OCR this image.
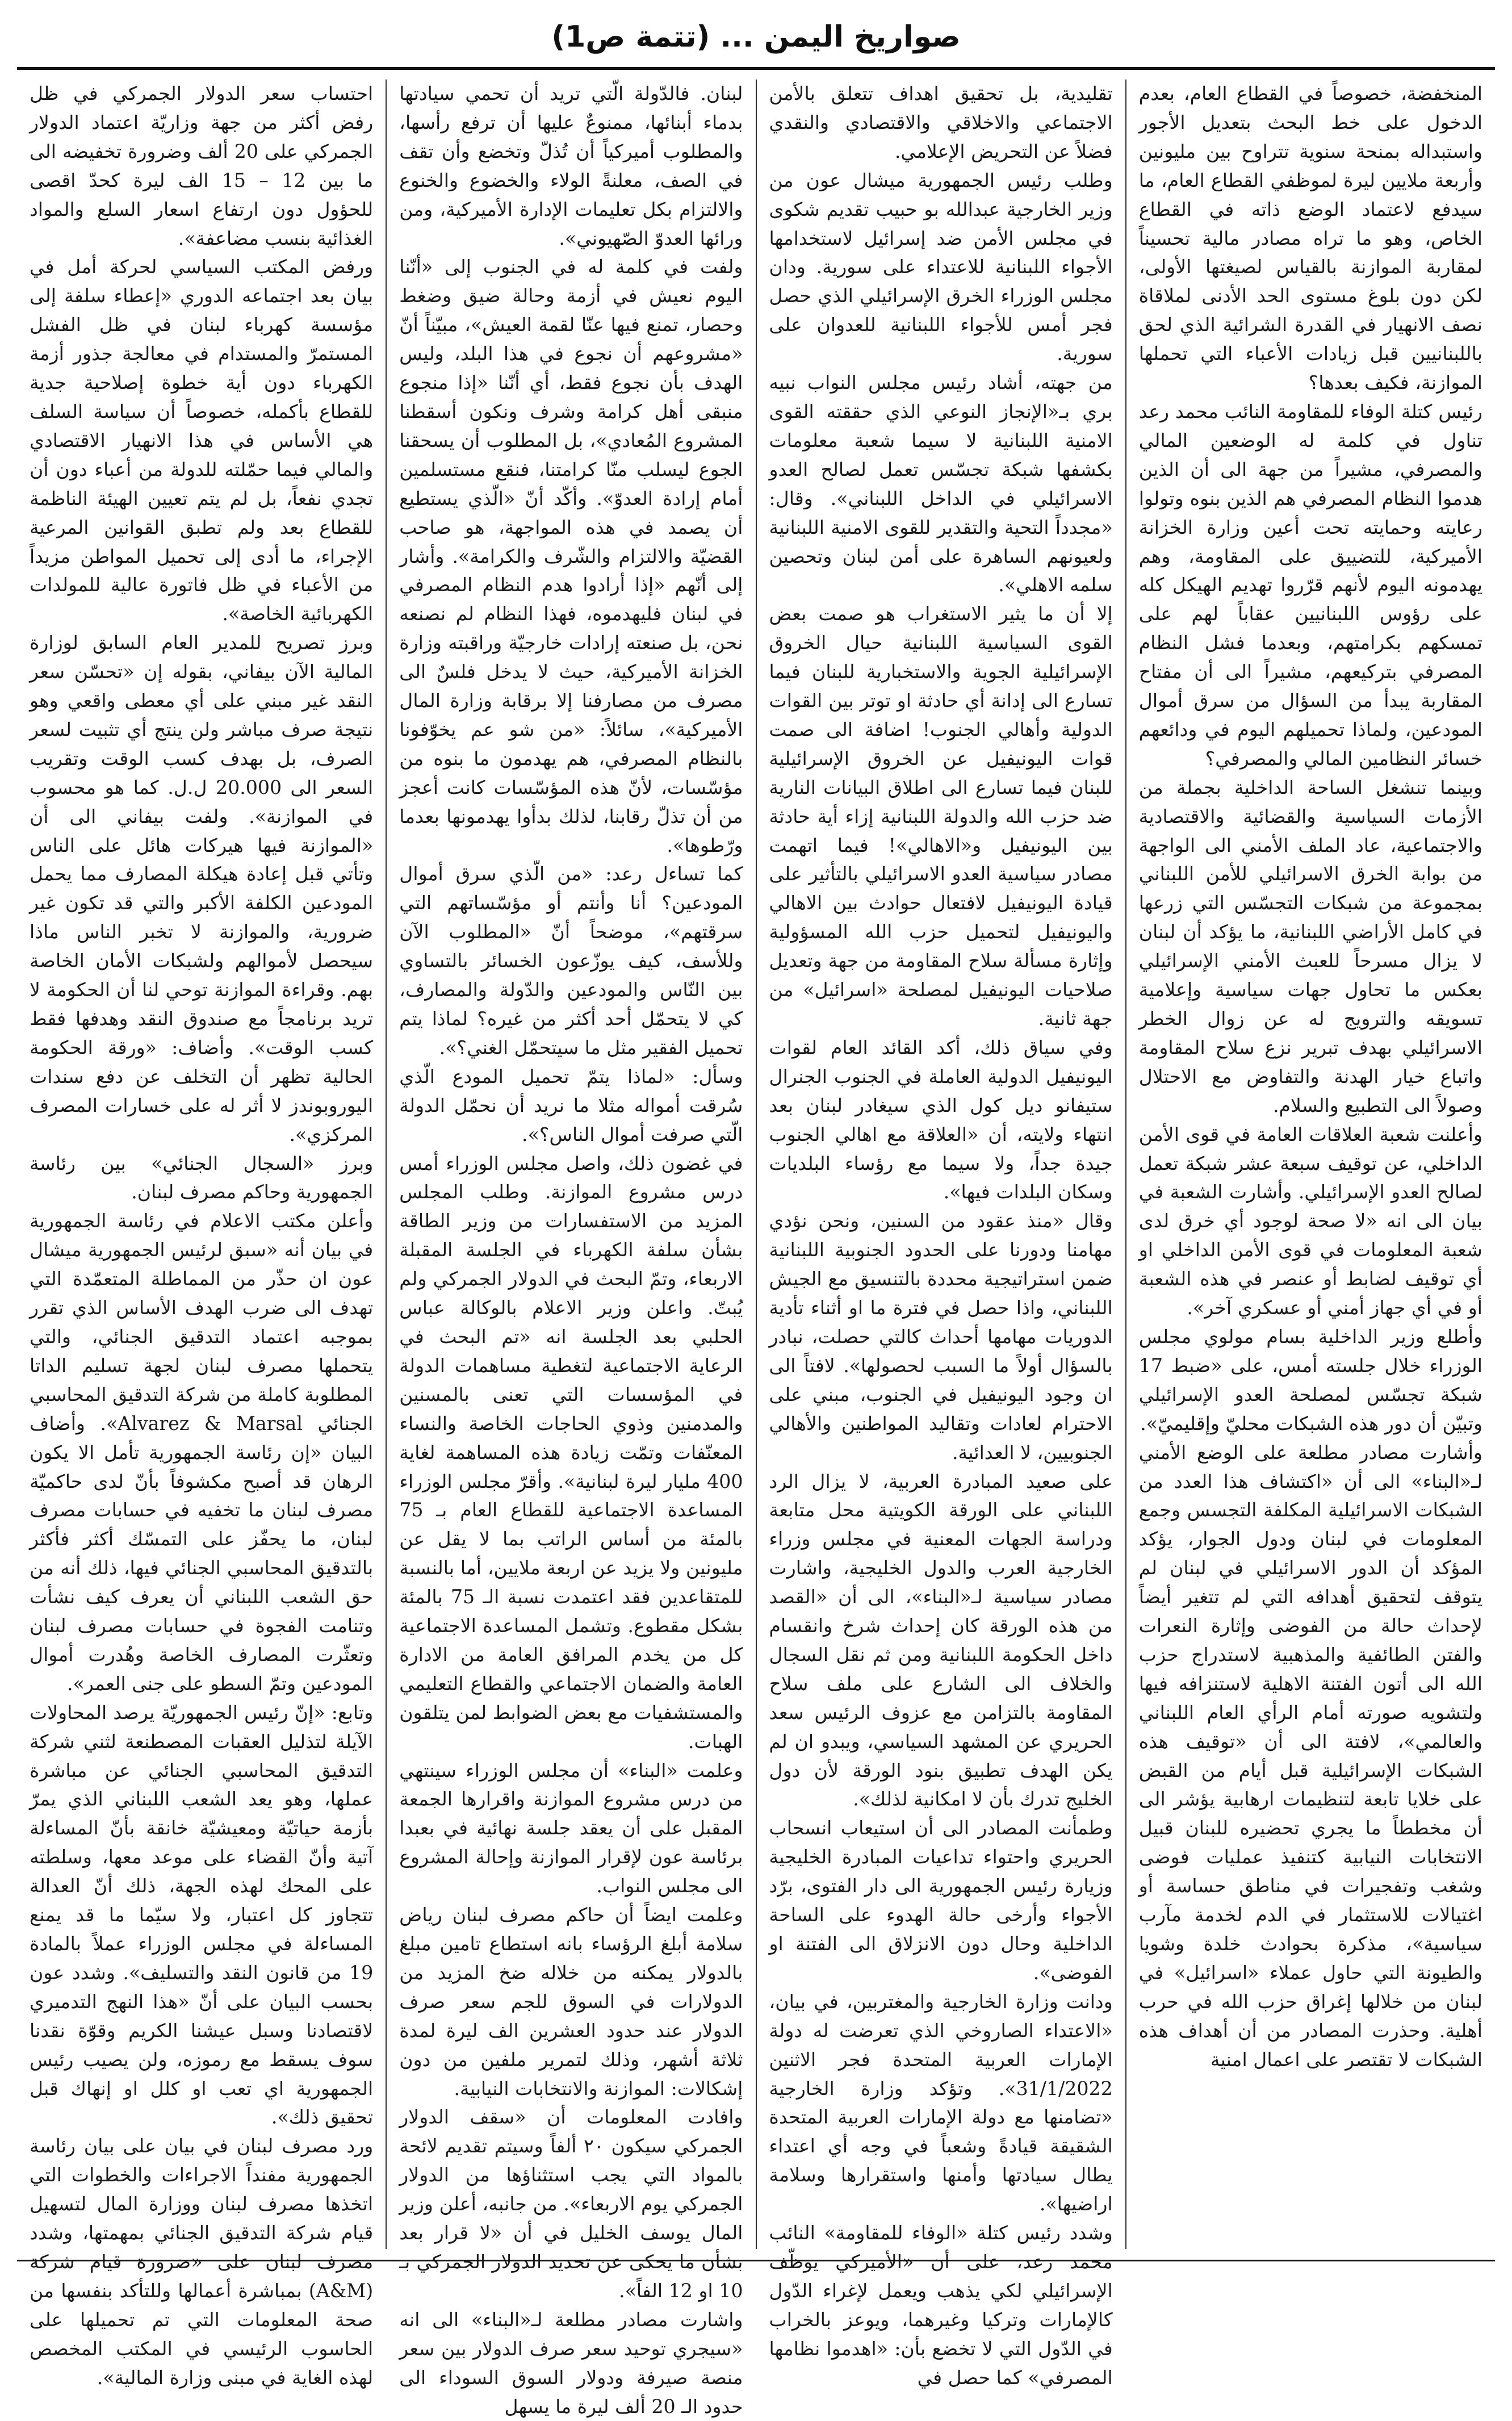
صواريخ اليمن ... (تتمة ص1)

المنخفضة، خصوصاً في القطاع العام، بعدم الدخول على خط البحث بتعديل الأجور واستبداله بمنحة سنوية تتراوح بين مليونين وأربعة ملايين ليرة لموظفي القطاع العام، ما سيدفع لاعتماد الوضع ذاته في القطاع الخاص، وهو ما تراه مصادر مالية تحسيناً لمقاربة الموازنة بالقياس لصيغتها الأولى، لكن دون بلوغ مستوى الحد الأدنى لملاقاة نصف الانهيار في القدرة الشرائية الذي لحق باللبنانيين قبل زيادات الأعباء التي تحملها الموازنة، فكيف بعدها؟

رئيس كتلة الوفاء للمقاومة النائب محمد رعد تناول في كلمة له الوضعين المالي والمصرفي، مشيراً من جهة الى أن الذين هدموا النظام المصرفي هم الذين بنوه وتولوا رعايته وحمايته تحت أعين وزارة الخزانة الأميركية، للتضييق على المقاومة، وهم يهدمونه اليوم لأنهم قرّروا تهديم الهيكل كله على رؤوس اللبنانيين عقاباً لهم على تمسكهم بكرامتهم، وبعدما فشل النظام المصرفي بتركيعهم، مشيراً الى أن مفتاح المقاربة يبدأ من السؤال من سرق أموال المودعين، ولماذا تحميلهم اليوم في ودائعهم خسائر النظامين المالي والمصرفي؟

وبينما تنشغل الساحة الداخلية بجملة من الأزمات السياسية والقضائية والاقتصادية والاجتماعية، عاد الملف الأمني الى الواجهة من بوابة الخرق الاسرائيلي للأمن اللبناني بمجموعة من شبكات التجسّس التي زرعها في كامل الأراضي اللبنانية، ما يؤكد أن لبنان لا يزال مسرحاً للعبث الأمني الإسرائيلي بعكس ما تحاول جهات سياسية وإعلامية تسويقه والترويج له عن زوال الخطر الاسرائيلي بهدف تبرير نزع سلاح المقاومة واتباع خيار الهدنة والتفاوض مع الاحتلال وصولاً الى التطبيع والسلام.

وأعلنت شعبة العلاقات العامة في قوى الأمن الداخلي، عن توقيف سبعة عشر شبكة تعمل لصالح العدو الإسرائيلي. وأشارت الشعبة في بيان الى انه «لا صحة لوجود أي خرق لدى شعبة المعلومات في قوى الأمن الداخلي او أي توقيف لضابط أو عنصر في هذه الشعبة أو في أي جهاز أمني أو عسكري آخر».

وأطلع وزير الداخلية بسام مولوي مجلس الوزراء خلال جلسته أمس، على «ضبط 17 شبكة تجسّس لمصلحة العدو الإسرائيلي وتبيّن أن دور هذه الشبكات محليّ وإقليميّ».

وأشارت مصادر مطلعة على الوضع الأمني لـ«البناء» الى أن «اكتشاف هذا العدد من الشبكات الاسرائيلية المكلفة التجسس وجمع المعلومات في لبنان ودول الجوار، يؤكد المؤكد أن الدور الاسرائيلي في لبنان لم يتوقف لتحقيق أهدافه التي لم تتغير أيضاً لإحداث حالة من الفوضى وإثارة النعرات والفتن الطائفية والمذهبية لاستدراج حزب الله الى أتون الفتنة الاهلية لاستنزافه فيها ولتشويه صورته أمام الرأي العام اللبناني والعالمي»، لافتة الى أن «توقيف هذه الشبكات الإسرائيلية قبل أيام من القبض على خلايا تابعة لتنظيمات ارهابية يؤشر الى أن مخططاً ما يجري تحضيره للبنان قبيل الانتخابات النيابية كتنفيذ عمليات فوضى وشغب وتفجيرات في مناطق حساسة أو اغتيالات للاستثمار في الدم لخدمة مآرب سياسية»، مذكرة بحوادث خلدة وشويا والطيونة التي حاول عملاء «اسرائيل» في لبنان من خلالها إغراق حزب الله في حرب أهلية. وحذرت المصادر من أن أهداف هذه الشبكات لا تقتصر على اعمال امنية

تقليدية، بل تحقيق اهداف تتعلق بالأمن الاجتماعي والاخلاقي والاقتصادي والنقدي فضلاً عن التحريض الإعلامي.

وطلب رئيس الجمهورية ميشال عون من وزير الخارجية عبدالله بو حبيب تقديم شكوى في مجلس الأمن ضد إسرائيل لاستخدامها الأجواء اللبنانية للاعتداء على سورية. ودان مجلس الوزراء الخرق الإسرائيلي الذي حصل فجر أمس للأجواء اللبنانية للعدوان على سورية.

من جهته، أشاد رئيس مجلس النواب نبيه بري بـ«الإنجاز النوعي الذي حققته القوى الامنية اللبنانية لا سيما شعبة معلومات بكشفها شبكة تجسّس تعمل لصالح العدو الاسرائيلي في الداخل اللبناني». وقال: «مجدداً التحية والتقدير للقوى الامنية اللبنانية ولعيونهم الساهرة على أمن لبنان وتحصين سلمه الاهلي».

إلا أن ما يثير الاستغراب هو صمت بعض القوى السياسية اللبنانية حيال الخروق الإسرائيلية الجوية والاستخبارية للبنان فيما تسارع الى إدانة أي حادثة او توتر بين القوات الدولية وأهالي الجنوب! اضافة الى صمت قوات اليونيفيل عن الخروق الإسرائيلية للبنان فيما تسارع الى اطلاق البيانات النارية ضد حزب الله والدولة اللبنانية إزاء أية حادثة بين اليونيفيل و«الاهالي»! فيما اتهمت مصادر سياسية العدو الاسرائيلي بالتأثير على قيادة اليونيفيل لافتعال حوادث بين الاهالي واليونيفيل لتحميل حزب الله المسؤولية وإثارة مسألة سلاح المقاومة من جهة وتعديل صلاحيات اليونيفيل لمصلحة «اسرائيل» من جهة ثانية.

وفي سياق ذلك، أكد القائد العام لقوات اليونيفيل الدولية العاملة في الجنوب الجنرال ستيفانو ديل كول الذي سيغادر لبنان بعد انتهاء ولايته، أن «العلاقة مع اهالي الجنوب جيدة جداً، ولا سيما مع رؤساء البلديات وسكان البلدات فيها».

وقال «منذ عقود من السنين، ونحن نؤدي مهامنا ودورنا على الحدود الجنوبية اللبنانية ضمن استراتيجية محددة بالتنسيق مع الجيش اللبناني، واذا حصل في فترة ما او أثناء تأدية الدوريات مهامها أحداث كالتي حصلت، نبادر بالسؤال أولاً ما السبب لحصولها». لافتاً الى ان وجود اليونيفيل في الجنوب، مبني على الاحترام لعادات وتقاليد المواطنين والأهالي الجنوبيين، لا العدائية.

على صعيد المبادرة العربية، لا يزال الرد اللبناني على الورقة الكويتية محل متابعة ودراسة الجهات المعنية في مجلس وزراء الخارجية العرب والدول الخليجية، واشارت مصادر سياسية لـ«البناء»، الى أن «القصد من هذه الورقة كان إحداث شرخ وانقسام داخل الحكومة اللبنانية ومن ثم نقل السجال والخلاف الى الشارع على ملف سلاح المقاومة بالتزامن مع عزوف الرئيس سعد الحريري عن المشهد السياسي، ويبدو ان لم يكن الهدف تطبيق بنود الورقة لأن دول الخليج تدرك بأن لا امكانية لذلك».

وطمأنت المصادر الى أن استيعاب انسحاب الحريري واحتواء تداعيات المبادرة الخليجية وزيارة رئيس الجمهورية الى دار الفتوى، برّد الأجواء وأرخى حالة الهدوء على الساحة الداخلية وحال دون الانزلاق الى الفتنة او الفوضى».

ودانت وزارة الخارجية والمغتربين، في بيان، «الاعتداء الصاروخي الذي تعرضت له دولة الإمارات العربية المتحدة فجر الاثنين 31/1/2022». وتؤكد وزارة الخارجية «تضامنها مع دولة الإمارات العربية المتحدة الشقيقة قيادةً وشعباً في وجه أي اعتداء يطال سيادتها وأمنها واستقرارها وسلامة اراضيها».

وشدد رئيس كتلة «الوفاء للمقاومة» النائب محمد رعد، على أن «الأميركي يوظّف الإسرائيلي لكي يذهب ويعمل لإغراء الدّول كالإمارات وتركيا وغيرهما، ويوعز بالخراب في الدّول التي لا تخضع بأن: «اهدموا نظامها المصرفي» كما حصل في

لبنان. فالدّولة الّتي تريد أن تحمي سيادتها بدماء أبنائها، ممنوعٌ عليها أن ترفع رأسها، والمطلوب أميركياً أن تُذلّ وتخضع وأن تقف في الصف، معلنةً الولاء والخضوع والخنوع والالتزام بكل تعليمات الإدارة الأميركية، ومن ورائها العدوّ الصّهيوني».

ولفت في كلمة له في الجنوب إلى «أنّنا اليوم نعيش في أزمة وحالة ضيق وضغط وحصار، تمنع فيها عنّا لقمة العيش»، مبيّناً أنّ «مشروعهم أن نجوع في هذا البلد، وليس الهدف بأن نجوع فقط، أي أنّنا «إذا منجوع منبقى أهل كرامة وشرف ونكون أسقطنا المشروع المُعادي»، بل المطلوب أن يسحقنا الجوع ليسلب منّا كرامتنا، فنقع مستسلمين أمام إرادة العدوّ». وأكّد أنّ «الّذي يستطيع أن يصمد في هذه المواجهة، هو صاحب القضيّة والالتزام والشّرف والكرامة». وأشار إلى أنّهم «إذا أرادوا هدم النظام المصرفي في لبنان فليهدموه، فهذا النظام لم نصنعه نحن، بل صنعته إرادات خارجيّة وراقبته وزارة الخزانة الأميركية، حيث لا يدخل فلسٌ الى مصرف من مصارفنا إلا برقابة وزارة المال الأميركية»، سائلاً: «من شو عم يخوّفونا بالنظام المصرفي، هم يهدمون ما بنوه من مؤسّسات، لأنّ هذه المؤسّسات كانت أعجز من أن تذلّ رقابنا، لذلك بدأوا يهدمونها بعدما ورّطوها».

كما تساءل رعد: «من الّذي سرق أموال المودعين؟ أنا وأنتم أو مؤسّساتهم التي سرقتهم»، موضحاً أنّ «المطلوب الآن وللأسف، كيف يوزّعون الخسائر بالتساوي بين النّاس والمودعين والدّولة والمصارف، كي لا يتحمّل أحد أكثر من غيره؟ لماذا يتم تحميل الفقير مثل ما سيتحمّل الغني؟».

وسأل: «لماذا يتمّ تحميل المودع الّذي سُرقت أمواله مثلا ما نريد أن نحمّل الدولة الّتي صرفت أموال الناس؟».

في غضون ذلك، واصل مجلس الوزراء أمس درس مشروع الموازنة. وطلب المجلس المزيد من الاستفسارات من وزير الطاقة بشأن سلفة الكهرباء في الجلسة المقبلة الاربعاء، وتمّ البحث في الدولار الجمركي ولم يُبتّ. واعلن وزير الاعلام بالوكالة عباس الحلبي بعد الجلسة انه «تم البحث في الرعاية الاجتماعية لتغطية مساهمات الدولة في المؤسسات التي تعنى بالمسنين والمدمنين وذوي الحاجات الخاصة والنساء المعنّفات وتمّت زيادة هذه المساهمة لغاية 400 مليار ليرة لبنانية». وأقرّ مجلس الوزراء المساعدة الاجتماعية للقطاع العام بـ 75 بالمئة من أساس الراتب بما لا يقل عن مليونين ولا يزيد عن اربعة ملايين، أما بالنسبة للمتقاعدين فقد اعتمدت نسبة الـ 75 بالمئة بشكل مقطوع. وتشمل المساعدة الاجتماعية كل من يخدم المرافق العامة من الادارة العامة والضمان الاجتماعي والقطاع التعليمي والمستشفيات مع بعض الضوابط لمن يتلقون الهبات.

وعلمت «البناء» أن مجلس الوزراء سينتهي من درس مشروع الموازنة واقرارها الجمعة المقبل على أن يعقد جلسة نهائية في بعبدا برئاسة عون لإقرار الموازنة وإحالة المشروع الى مجلس النواب.

وعلمت ايضاً أن حاكم مصرف لبنان رياض سلامة أبلغ الرؤساء بانه استطاع تامين مبلغ بالدولار يمكنه من خلاله ضخ المزيد من الدولارات في السوق للجم سعر صرف الدولار عند حدود العشرين الف ليرة لمدة ثلاثة أشهر، وذلك لتمرير ملفين من دون إشكالات: الموازنة والانتخابات النيابية.

وافادت المعلومات أن «سقف الدولار الجمركي سيكون ٢٠ ألفاً وسيتم تقديم لائحة بالمواد التي يجب استثناؤها من الدولار الجمركي يوم الاربعاء». من جانبه، أعلن وزير المال يوسف الخليل في أن «لا قرار بعد بشأن ما يحكى عن تحديد الدولار الجمركي بـ 10 او 12 الفاً».

واشارت مصادر مطلعة لـ«البناء» الى انه «سيجري توحيد سعر صرف الدولار بين سعر منصة صيرفة ودولار السوق السوداء الى حدود الـ 20 ألف ليرة ما يسهل

احتساب سعر الدولار الجمركي في ظل رفض أكثر من جهة وزاريّة اعتماد الدولار الجمركي على 20 ألف وضرورة تخفيضه الى ما بين 12 – 15 الف ليرة كحدّ اقصى للحؤول دون ارتفاع اسعار السلع والمواد الغذائية بنسب مضاعفة».

ورفض المكتب السياسي لحركة أمل في بيان بعد اجتماعه الدوري «إعطاء سلفة إلى مؤسسة كهرباء لبنان في ظل الفشل المستمرّ والمستدام في معالجة جذور أزمة الكهرباء دون أية خطوة إصلاحية جدية للقطاع بأكمله، خصوصاً أن سياسة السلف هي الأساس في هذا الانهيار الاقتصادي والمالي فيما حمّلته للدولة من أعباء دون أن تجدي نفعاً، بل لم يتم تعيين الهيئة الناظمة للقطاع بعد ولم تطبق القوانين المرعية الإجراء، ما أدى إلى تحميل المواطن مزيداً من الأعباء في ظل فاتورة عالية للمولدات الكهربائية الخاصة».

وبرز تصريح للمدير العام السابق لوزارة المالية الآن بيفاني، بقوله إن «تحسّن سعر النقد غير مبني على أي معطى واقعي وهو نتيجة صرف مباشر ولن ينتج أي تثبيت لسعر الصرف، بل بهدف كسب الوقت وتقريب السعر الى 20.000 ل.ل. كما هو محسوب في الموازنة». ولفت بيفاني الى أن «الموازنة فيها هيركات هائل على الناس وتأتي قبل إعادة هيكلة المصارف مما يحمل المودعين الكلفة الأكبر والتي قد تكون غير ضرورية، والموازنة لا تخبر الناس ماذا سيحصل لأموالهم ولشبكات الأمان الخاصة بهم. وقراءة الموازنة توحي لنا أن الحكومة لا تريد برنامجاً مع صندوق النقد وهدفها فقط كسب الوقت». وأضاف: «ورقة الحكومة الحالية تظهر أن التخلف عن دفع سندات اليوروبوندز لا أثر له على خسارات المصرف المركزي».

وبرز «السجال الجنائي» بين رئاسة الجمهورية وحاكم مصرف لبنان.

وأعلن مكتب الاعلام في رئاسة الجمهورية في بيان أنه «سبق لرئيس الجمهورية ميشال عون ان حذّر من المماطلة المتعمّدة التي تهدف الى ضرب الهدف الأساس الذي تقرر بموجبه اعتماد التدقيق الجنائي، والتي يتحملها مصرف لبنان لجهة تسليم الداتا المطلوبة كاملة من شركة التدقيق المحاسبي الجنائي Alvarez & Marsal». وأضاف البيان «إن رئاسة الجمهورية تأمل الا يكون الرهان قد أصبح مكشوفاً بأنّ لدى حاكميّة مصرف لبنان ما تخفيه في حسابات مصرف لبنان، ما يحفّز على التمسّك أكثر فأكثر بالتدقيق المحاسبي الجنائي فيها، ذلك أنه من حق الشعب اللبناني أن يعرف كيف نشأت وتنامت الفجوة في حسابات مصرف لبنان وتعثّرت المصارف الخاصة وهُدرت أموال المودعين وتمّ السطو على جنى العمر».

وتابع: «إنّ رئيس الجمهوريّة يرصد المحاولات الآيلة لتذليل العقبات المصطنعة لثني شركة التدقيق المحاسبي الجنائي عن مباشرة عملها، وهو يعد الشعب اللبناني الذي يمرّ بأزمة حياتيّة ومعيشيّة خانقة بأنّ المساءلة آتية وأنّ القضاء على موعد معها، وسلطته على المحك لهذه الجهة، ذلك أنّ العدالة تتجاوز كل اعتبار، ولا سيّما ما قد يمنع المساءلة في مجلس الوزراء عملاً بالمادة 19 من قانون النقد والتسليف». وشدد عون بحسب البيان على أنّ «هذا النهج التدميري لاقتصادنا وسبل عيشنا الكريم وقوّة نقدنا سوف يسقط مع رموزه، ولن يصيب رئيس الجمهورية اي تعب او كلل او إنهاك قبل تحقيق ذلك».

ورد مصرف لبنان في بيان على بيان رئاسة الجمهورية مفنداً الاجراءات والخطوات التي اتخذها مصرف لبنان ووزارة المال لتسهيل قيام شركة التدقيق الجنائي بمهمتها، وشدد مصرف لبنان على «ضرورة قيام شركة (A&M) بمباشرة أعمالها وللتأكد بنفسها من صحة المعلومات التي تم تحميلها على الحاسوب الرئيسي في المكتب المخصص لهذه الغاية في مبنى وزارة المالية».
